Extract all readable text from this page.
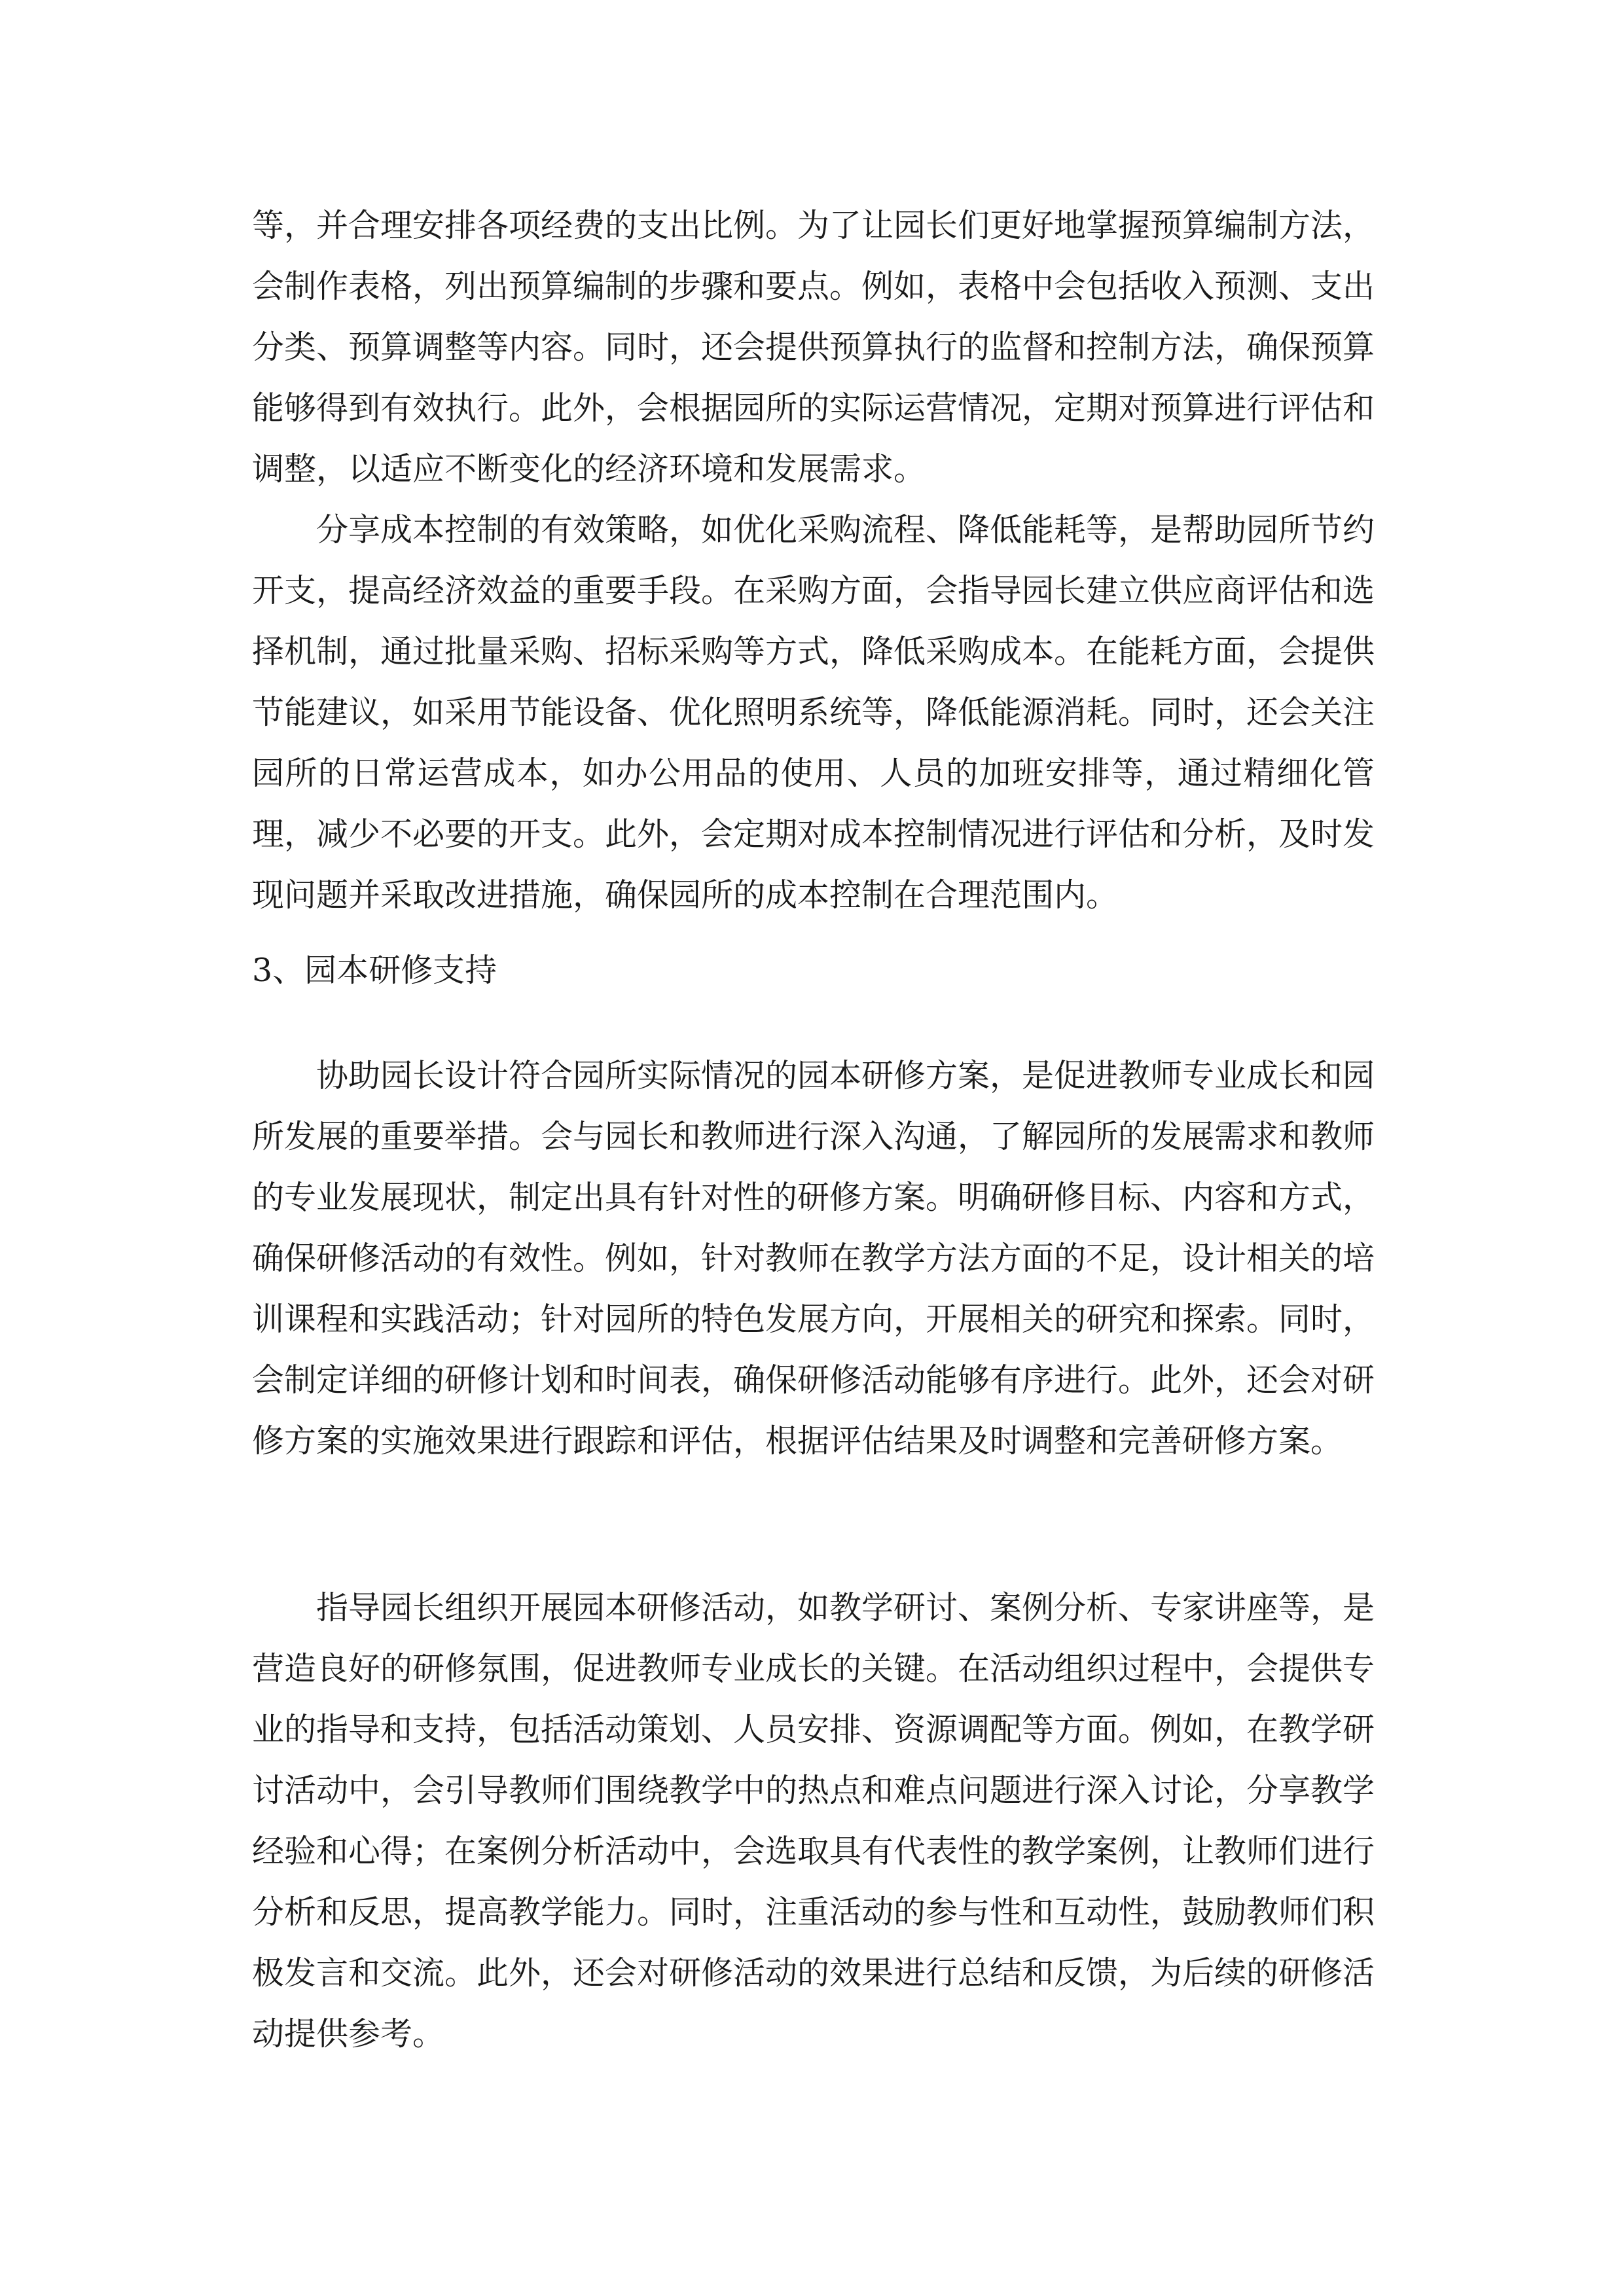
等，并合理安排各项经费的支出比例。为了让园长们更好地掌握预算编制方法，会制作表格，列出预算编制的步骤和要点。例如，表格中会包括收入预测、支出分类、预算调整等内容。同时，还会提供预算执行的监督和控制方法，确保预算能够得到有效执行。此外，会根据园所的实际运营情况，定期对预算进行评估和调整，以适应不断变化的经济环境和发展需求。

分享成本控制的有效策略，如优化采购流程、降低能耗等，是帮助园所节约开支，提高经济效益的重要手段。在采购方面，会指导园长建立供应商评估和选择机制，通过批量采购、招标采购等方式，降低采购成本。在能耗方面，会提供节能建议，如采用节能设备、优化照明系统等，降低能源消耗。同时，还会关注园所的日常运营成本，如办公用品的使用、人员的加班安排等，通过精细化管理，减少不必要的开支。此外，会定期对成本控制情况进行评估和分析，及时发现问题并采取改进措施，确保园所的成本控制在合理范围内。

3、园本研修支持

协助园长设计符合园所实际情况的园本研修方案，是促进教师专业成长和园所发展的重要举措。会与园长和教师进行深入沟通，了解园所的发展需求和教师的专业发展现状，制定出具有针对性的研修方案。明确研修目标、内容和方式，确保研修活动的有效性。例如，针对教师在教学方法方面的不足，设计相关的培训课程和实践活动；针对园所的特色发展方向，开展相关的研究和探索。同时，会制定详细的研修计划和时间表，确保研修活动能够有序进行。此外，还会对研修方案的实施效果进行跟踪和评估，根据评估结果及时调整和完善研修方案。

指导园长组织开展园本研修活动，如教学研讨、案例分析、专家讲座等，是营造良好的研修氛围，促进教师专业成长的关键。在活动组织过程中，会提供专业的指导和支持，包括活动策划、人员安排、资源调配等方面。例如，在教学研讨活动中，会引导教师们围绕教学中的热点和难点问题进行深入讨论，分享教学经验和心得；在案例分析活动中，会选取具有代表性的教学案例，让教师们进行分析和反思，提高教学能力。同时，注重活动的参与性和互动性，鼓励教师们积极发言和交流。此外，还会对研修活动的效果进行总结和反馈，为后续的研修活动提供参考。
